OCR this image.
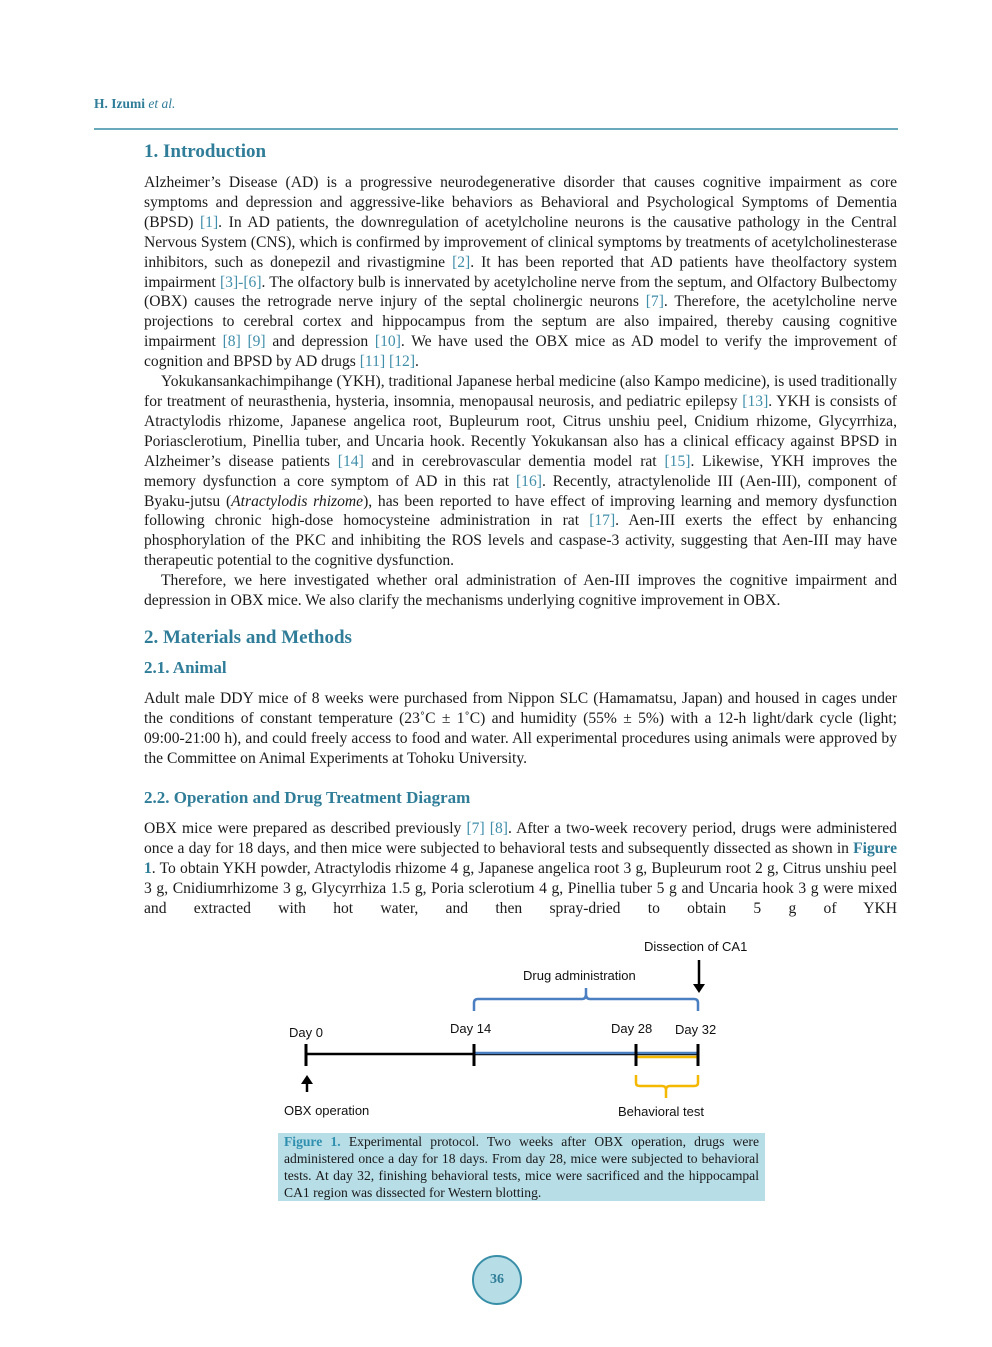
H. Izumi et al.
1. Introduction

Alzheimer’s Disease (AD) is a progressive neurodegenerative disorder that causes cognitive impairment as core symptoms and depression and aggressive-like behaviors as Behavioral and Psychological Symptoms of Dementia (BPSD) [1]. In AD patients, the downregulation of acetylcholine neurons is the causative pathology in the Central Nervous System (CNS), which is confirmed by improvement of clinical symptoms by treatments of acetylcholinesterase inhibitors, such as donepezil and rivastigmine [2]. It has been reported that AD patients have theolfactory system impairment [3]-[6]. The olfactory bulb is innervated by acetylcholine nerve from the septum, and Olfactory Bulbectomy (OBX) causes the retrograde nerve injury of the septal cholinergic neurons [7]. Therefore, the acetylcholine nerve projections to cerebral cortex and hippocampus from the septum are also impaired, thereby causing cognitive impairment [8] [9] and depression [10]. We have used the OBX mice as AD model to verify the improvement of cognition and BPSD by AD drugs [11] [12].

Yokukansankachimpihange (YKH), traditional Japanese herbal medicine (also Kampo medicine), is used traditionally for treatment of neurasthenia, hysteria, insomnia, menopausal neurosis, and pediatric epilepsy [13]. YKH is consists of Atractylodis rhizome, Japanese angelica root, Bupleurum root, Citrus unshiu peel, Cnidium rhizome, Glycyrrhiza, Poriasclerotium, Pinellia tuber, and Uncaria hook. Recently Yokukansan also has a clinical efficacy against BPSD in Alzheimer’s disease patients [14] and in cerebrovascular dementia model rat [15]. Likewise, YKH improves the memory dysfunction a core symptom of AD in this rat [16]. Recently, atractylenolide III (Aen-III), component of Byaku-jutsu (Atractylodis rhizome), has been reported to have effect of improving learning and memory dysfunction following chronic high-dose homocysteine administration in rat [17]. Aen-III exerts the effect by enhancing phosphorylation of the PKC and inhibiting the ROS levels and caspase-3 activity, suggesting that Aen-III may have therapeutic potential to the cognitive dysfunction.

Therefore, we here investigated whether oral administration of Aen-III improves the cognitive impairment and depression in OBX mice. We also clarify the mechanisms underlying cognitive improvement in OBX.

2. Materials and Methods
2.1. Animal

Adult male DDY mice of 8 weeks were purchased from Nippon SLC (Hamamatsu, Japan) and housed in cages under the conditions of constant temperature (23˚C ± 1˚C) and humidity (55% ± 5%) with a 12-h light/dark cycle (light; 09:00-21:00 h), and could freely access to food and water. All experimental procedures using animals were approved by the Committee on Animal Experiments at Tohoku University.

2.2. Operation and Drug Treatment Diagram

OBX mice were prepared as described previously [7] [8]. After a two-week recovery period, drugs were administered once a day for 18 days, and then mice were subjected to behavioral tests and subsequently dissected as shown in Figure 1. To obtain YKH powder, Atractylodis rhizome 4 g, Japanese angelica root 3 g, Bupleurum root 2 g, Citrus unshiu peel 3 g, Cnidiumrhizome 3 g, Glycyrrhiza 1.5 g, Poria sclerotium 4 g, Pinellia tuber 5 g and Uncaria hook 3 g were mixed and extracted with hot water, and then spray-dried to obtain 5 g of YKH

Dissection of CA1
Drug administration
Day 0	Day 14	Day 28 Day 32
OBX operation	Behavioral test
Figure 1. Experimental protocol. Two weeks after OBX operation, drugs were administered once a day for 18 days. From day 28, mice were subjected to behavioral tests. At day 32, finishing behavioral tests, mice were sacrificed and the hippocampal CA1 region was dissected for Western blotting.
36
